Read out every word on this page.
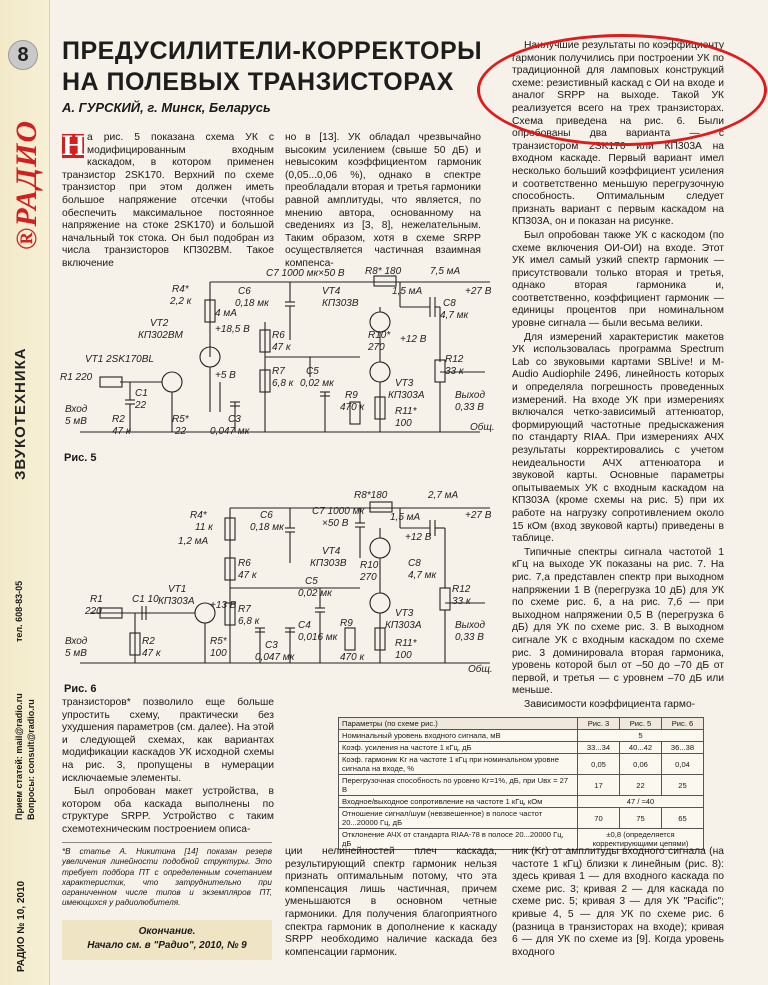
8
®РАДИО
ЗВУКОТЕХНИКА
тел. 608-83-05
Прием статей: mail@radio.ru Вопросы: consult@radio.ru
РАДИО № 10, 2010
ПРЕДУСИЛИТЕЛИ-КОРРЕКТОРЫ
НА ПОЛЕВЫХ ТРАНЗИСТОРАХ
А. ГУРСКИЙ, г. Минск, Беларусь
Н а рис. 5 показана схема УК с модифицированным входным каскадом, в котором применен транзистор 2SK170. Верхний по схеме транзистор при этом должен иметь большое напряжение отсечки (чтобы обеспечить максимальное постоянное напряжение на стоке 2SK170) и большой начальный ток стока. Он был подобран из числа транзисторов КП302ВМ. Такое включение
но в [13]. УК обладал чрезвычайно высоким усилением (свыше 50 дБ) и невысоким коэффициентом гармоник (0,05...0,06 %), однако в спектре преобладали вторая и третья гармоники равной амплитуды, что является, по мнению автора, основанному на сведениях из [3, 8], нежелательным. Таким образом, хотя в схеме SRPP осуществляется частичная взаимная компенса-

Наилучшие результаты по коэффициенту гармоник получились при построении УК по традиционной для ламповых конструкций схеме: резистивный каскад с ОИ на входе и аналог SRPP на выходе. Такой УК реализуется всего на трех транзисторах. Схема приведена на рис. 6. Были опробованы два варианта — с транзистором 2SK170 или КП303А на входном каскаде. Первый вариант имел несколько больший коэффициент усиления и соответственно меньшую перегрузочную способность. Оптимальным следует признать вариант с первым каскадом на КП303А, он и показан на рисунке.

Был опробован также УК с каскодом (по схеме включения ОИ-ОИ) на входе. Этот УК имел самый узкий спектр гармоник — присутствовали только вторая и третья, однако вторая гармоника и, соответственно, коэффициент гармоник — единицы процентов при номинальном уровне сигнала — были весьма велики.

Для измерений характеристик макетов УК использовалась программа Spectrum Lab со звуковыми картами SBLive! и M-Audio Audiophile 2496, линейность которых и определяла погрешность проведенных измерений. На входе УК при измерениях включался четко-зависимый аттенюатор, формирующий частотные предыскажения по стандарту RIAA. При измерениях АЧХ результаты корректировались с учетом неидеальности АЧХ аттенюатора и звуковой карты. Основные параметры опытываемых УК с входным каскадом на КП303А (кроме схемы на рис. 5) при их работе на нагрузку сопротивлением около 15 кОм (вход звуковой карты) приведены в таблице.

Типичные спектры сигнала частотой 1 кГц на выходе УК показаны на рис. 7. На рис. 7,а представлен спектр при выходном напряжении 1 В (перегрузка 10 дБ) для УК по схеме рис. 6, а на рис. 7,б — при выходном напряжении 0,5 В (перегрузка 6 дБ) для УК по схеме рис. 3. В выходном сигнале УК с входным каскадом по схеме рис. 3 доминировала вторая гармоника, уровень которой был от –50 до –70 дБ от первой, и третья — с уровнем –70 дБ или меньше.

Зависимости коэффициента гармо-

C7 1000 мк×50 В R8* 180	7,5 мА
+27 В
R4*
2,2 к
C6
0,18 мк
VT4
КП303В
1,5 мА
C8
4,7 мк
4 мА
VT2
КП302ВМ
+18,5 В
R6
47 к
R10*
270
+12 В
VT1 2SK170BL
+5 В	R7
6,8 к
C5
0,02 мк
R12
33 к
R1 220
C1
22
C3
0,047 мк
VT3
КП303А	Выход
0,33 В
Вход
5 мВ	R2
47 к
R5*
22
R9
470 к	R11*
100	Общ.
Рис. 5
R8*180	2,7 мА
C7 1000 мк
×50 В
+27 В
R4*
11 к
C6
0,18 мк
1,5 мА
1,2 мА	+12 В
VT4
КП303В
R6
47 к
R10
270
C8
4,7 мк
C5
0,02 мк	R12
33 к
VT1
КП303А +13 В R7
6,8 к
R1
220
C1 10
VT3
КП303А	Выход
0,33 В
Вход
5 мВ
R2
47 к
R5*
100
C3
0,047 мк
C4
0,016 мк
R9
470 к
R11*
100
Общ.
Рис. 6

транзисторов* позволило еще больше упростить схему, практически без ухудшения параметров (см. далее). На этой и следующей схемах, как вариантах модификации каскадов УК исходной схемы на рис. 3, пропущены в нумерации исключаемые элементы.

Был опробован макет устройства, в котором оба каскада выполнены по структуре SRPP. Устройство с таким схемотехническим построением описа-

Параметры (по схеме рис.)	Рис. 3	Рис. 5	Рис. 6
Номинальный уровень входного сигнала, мВ	5		
Коэф. усиления на частоте 1 кГц, дБ	33...34	40...42	36...38
Коэф. гармоник Kг на частоте 1 кГц при номинальном уровне сигнала на входе, %	0,05	0,06	0,04
Перегрузочная способность по уровню Kг=1%, дБ, при Uвх = 27 В	17	22	25
Входное/выходное сопротивление на частоте 1 кГц, кОм	47 / ≈40		
Отношение сигнал/шум (невзвешенное) в полосе частот 20...20000 Гц, дБ	70	75	65
Отклонение АЧХ от стандарта RIAA-78 в полосе 20...20000 Гц, дБ	±0,8 (определяется корректирующими цепями)		
ции нелинейностей плеч каскада, результирующий спектр гармоник нельзя признать оптимальным потому, что эта компенсация лишь частичная, причем уменьшаются в основном четные гармоники. Для получения благоприятного спектра гармоник в дополнение к каскаду SRPP необходимо наличие каскада без компенсации гармоник.
ник (Kг) от амплитуды входного сигнала (на частоте 1 кГц) близки к линейным (рис. 8): здесь кривая 1 — для входного каскада по схеме рис. 3; кривая 2 — для каскада по схеме рис. 5; кривая 3 — для УК "Pacific"; кривые 4, 5 — для УК по схеме рис. 6 (разница в транзисторах на входе); кривая 6 — для УК по схеме из [9]. Когда уровень входного
*В статье А. Никитина [14] показан резерв увеличения линейности подобной структуры. Это требует подбора ПТ с определенным сочетанием характеристик, что затруднительно при ограниченном числе типов и экземпляров ПТ, имеющихся у радиолюбителя.
Окончание.
Начало см. в "Радио", 2010, № 9
